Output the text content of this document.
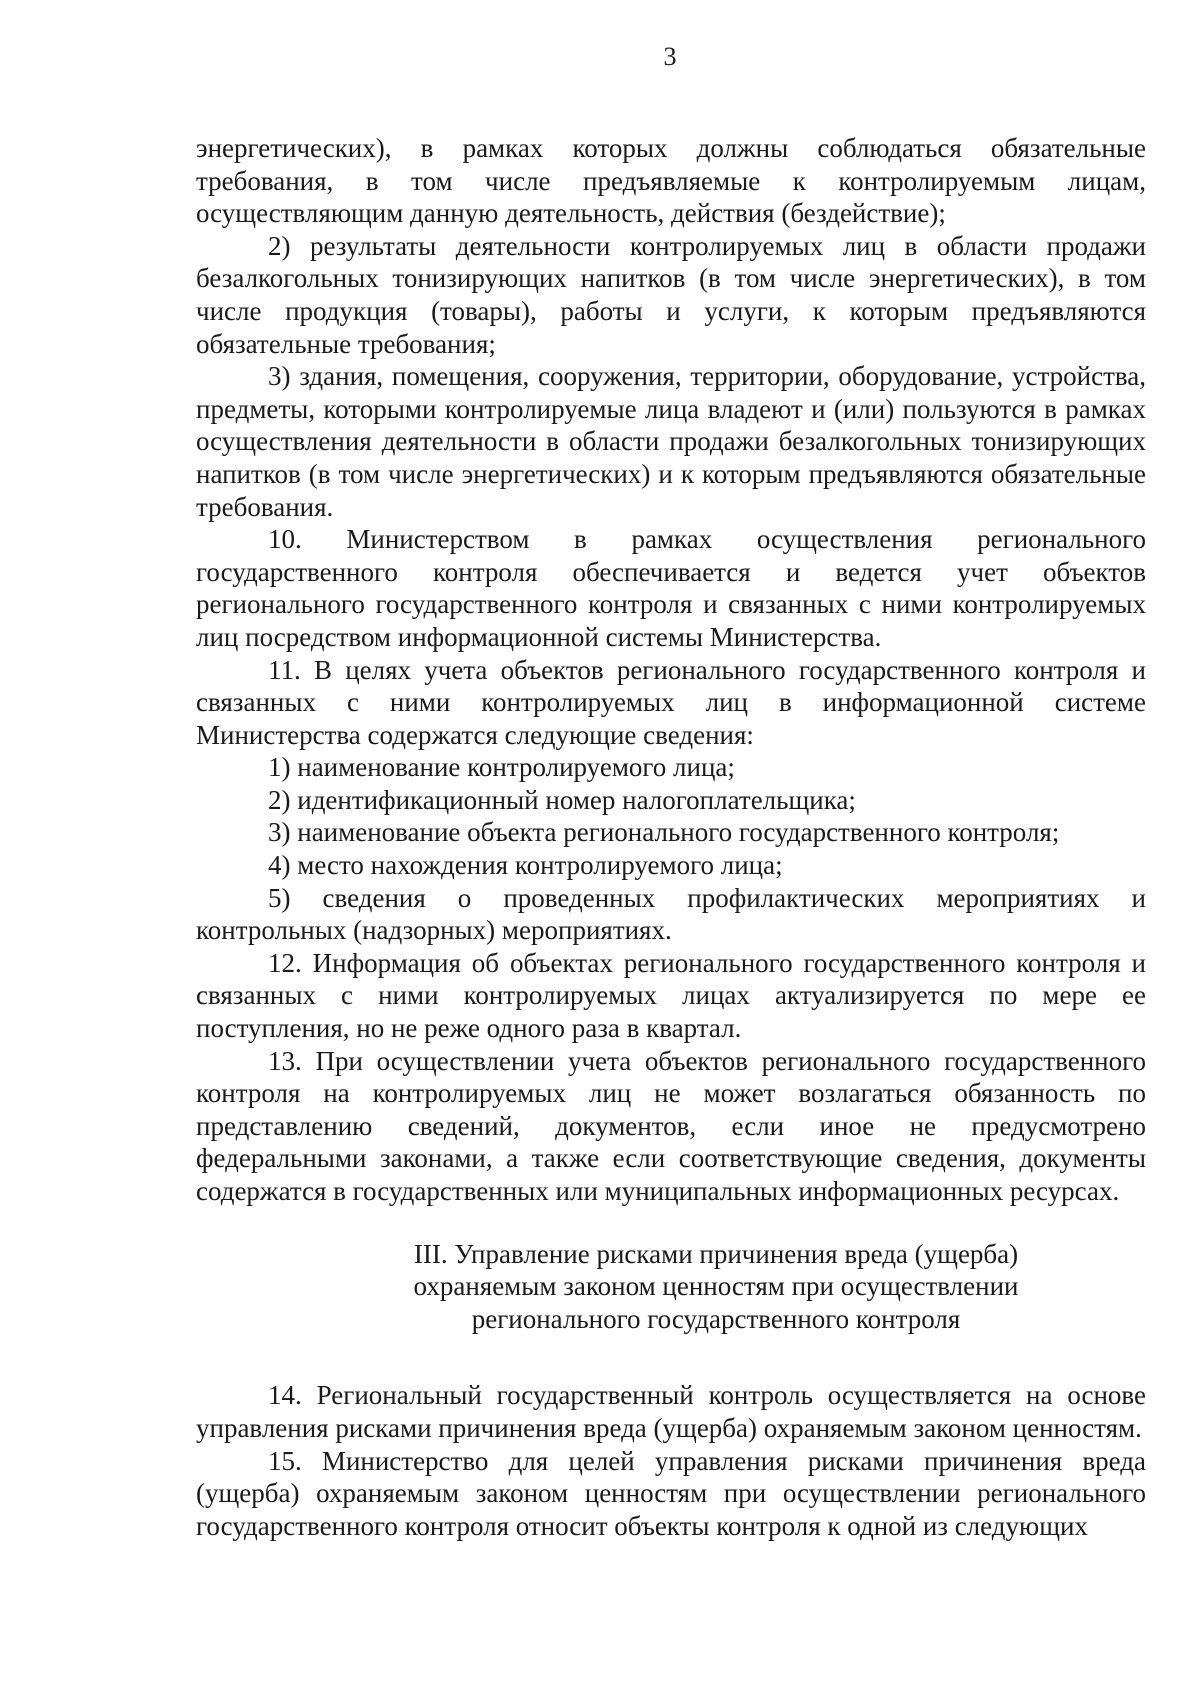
3

энергетических), в рамках которых должны соблюдаться обязательные требования, в том числе предъявляемые к контролируемым лицам, осуществляющим данную деятельность, действия (бездействие);

2) результаты деятельности контролируемых лиц в области продажи безалкогольных тонизирующих напитков (в том числе энергетических), в том числе продукция (товары), работы и услуги, к которым предъявляются обязательные требования;

3) здания, помещения, сооружения, территории, оборудование, устройства, предметы, которыми контролируемые лица владеют и (или) пользуются в рамках осуществления деятельности в области продажи безалкогольных тонизирующих напитков (в том числе энергетических) и к которым предъявляются обязательные требования.

10. Министерством в рамках осуществления регионального государственного контроля обеспечивается и ведется учет объектов регионального государственного контроля и связанных с ними контролируемых лиц посредством информационной системы Министерства.

11. В целях учета объектов регионального государственного контроля и связанных с ними контролируемых лиц в информационной системе Министерства содержатся следующие сведения:

1) наименование контролируемого лица;

2) идентификационный номер налогоплательщика;

3) наименование объекта регионального государственного контроля;

4) место нахождения контролируемого лица;

5) сведения о проведенных профилактических мероприятиях и контрольных (надзорных) мероприятиях.

12. Информация об объектах регионального государственного контроля и связанных с ними контролируемых лицах актуализируется по мере ее поступления, но не реже одного раза в квартал.

13. При осуществлении учета объектов регионального государственного контроля на контролируемых лиц не может возлагаться обязанность по представлению сведений, документов, если иное не предусмотрено федеральными законами, а также если соответствующие сведения, документы содержатся в государственных или муниципальных информационных ресурсах.

III. Управление рисками причинения вреда (ущерба)
охраняемым законом ценностям при осуществлении
регионального государственного контроля

14. Региональный государственный контроль осуществляется на основе управления рисками причинения вреда (ущерба) охраняемым законом ценностям.

15. Министерство для целей управления рисками причинения вреда (ущерба) охраняемым законом ценностям при осуществлении регионального государственного контроля относит объекты контроля к одной из следующих
